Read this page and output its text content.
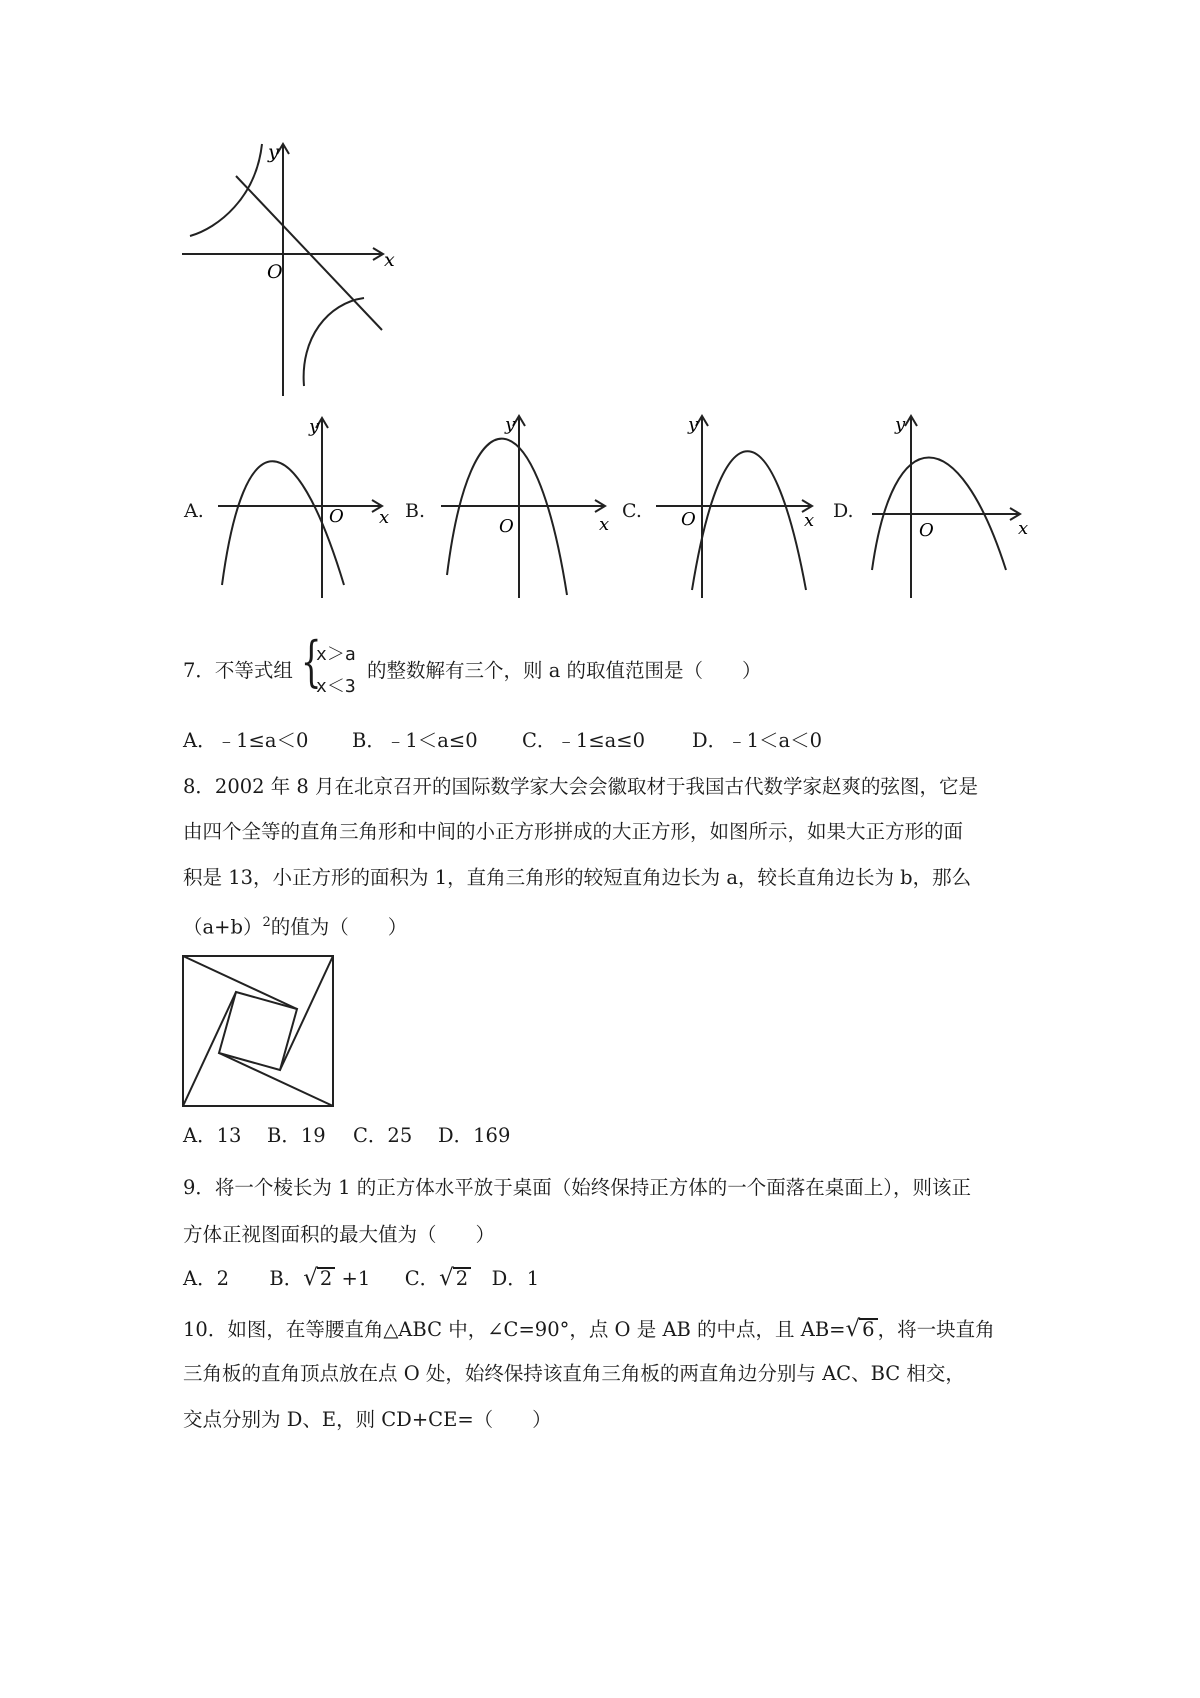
y
x
O
A.
y
x
O	B.
y
x
O
C.
y
x
O	D.
y
x
O
7．不等式组 {
x＞a
x＜3
的整数解有三个，则 a 的取值范围是（　　）
A．﹣1≤a＜0 B．﹣1＜a≤0 C．﹣1≤a≤0 D．﹣1＜a＜0
8．2002 年 8 月在北京召开的国际数学家大会会徽取材于我国古代数学家赵爽的弦图，它是
由四个全等的直角三角形和中间的小正方形拼成的大正方形，如图所示，如果大正方形的面
积是 13，小正方形的面积为 1，直角三角形的较短直角边长为 a，较长直角边长为 b，那么
$(a+b)^2$的值为（　　）
A．13 B．19 C．25 D．169
9．将一个棱长为 1 的正方体水平放于桌面（始终保持正方体的一个面落在桌面上），则该正
方体正视图面积的最大值为（　　）
A．2 B．√ 2 +1 C．√ 2 D．1
10．如图，在等腰直角△ABC 中，∠C=90°，点 O 是 AB 的中点，且 AB=√ 6 ，将一块直角
三角板的直角顶点放在点 O 处，始终保持该直角三角板的两直角边分别与 AC、BC 相交，
交点分别为 D、E，则 CD+CE=（　　）
